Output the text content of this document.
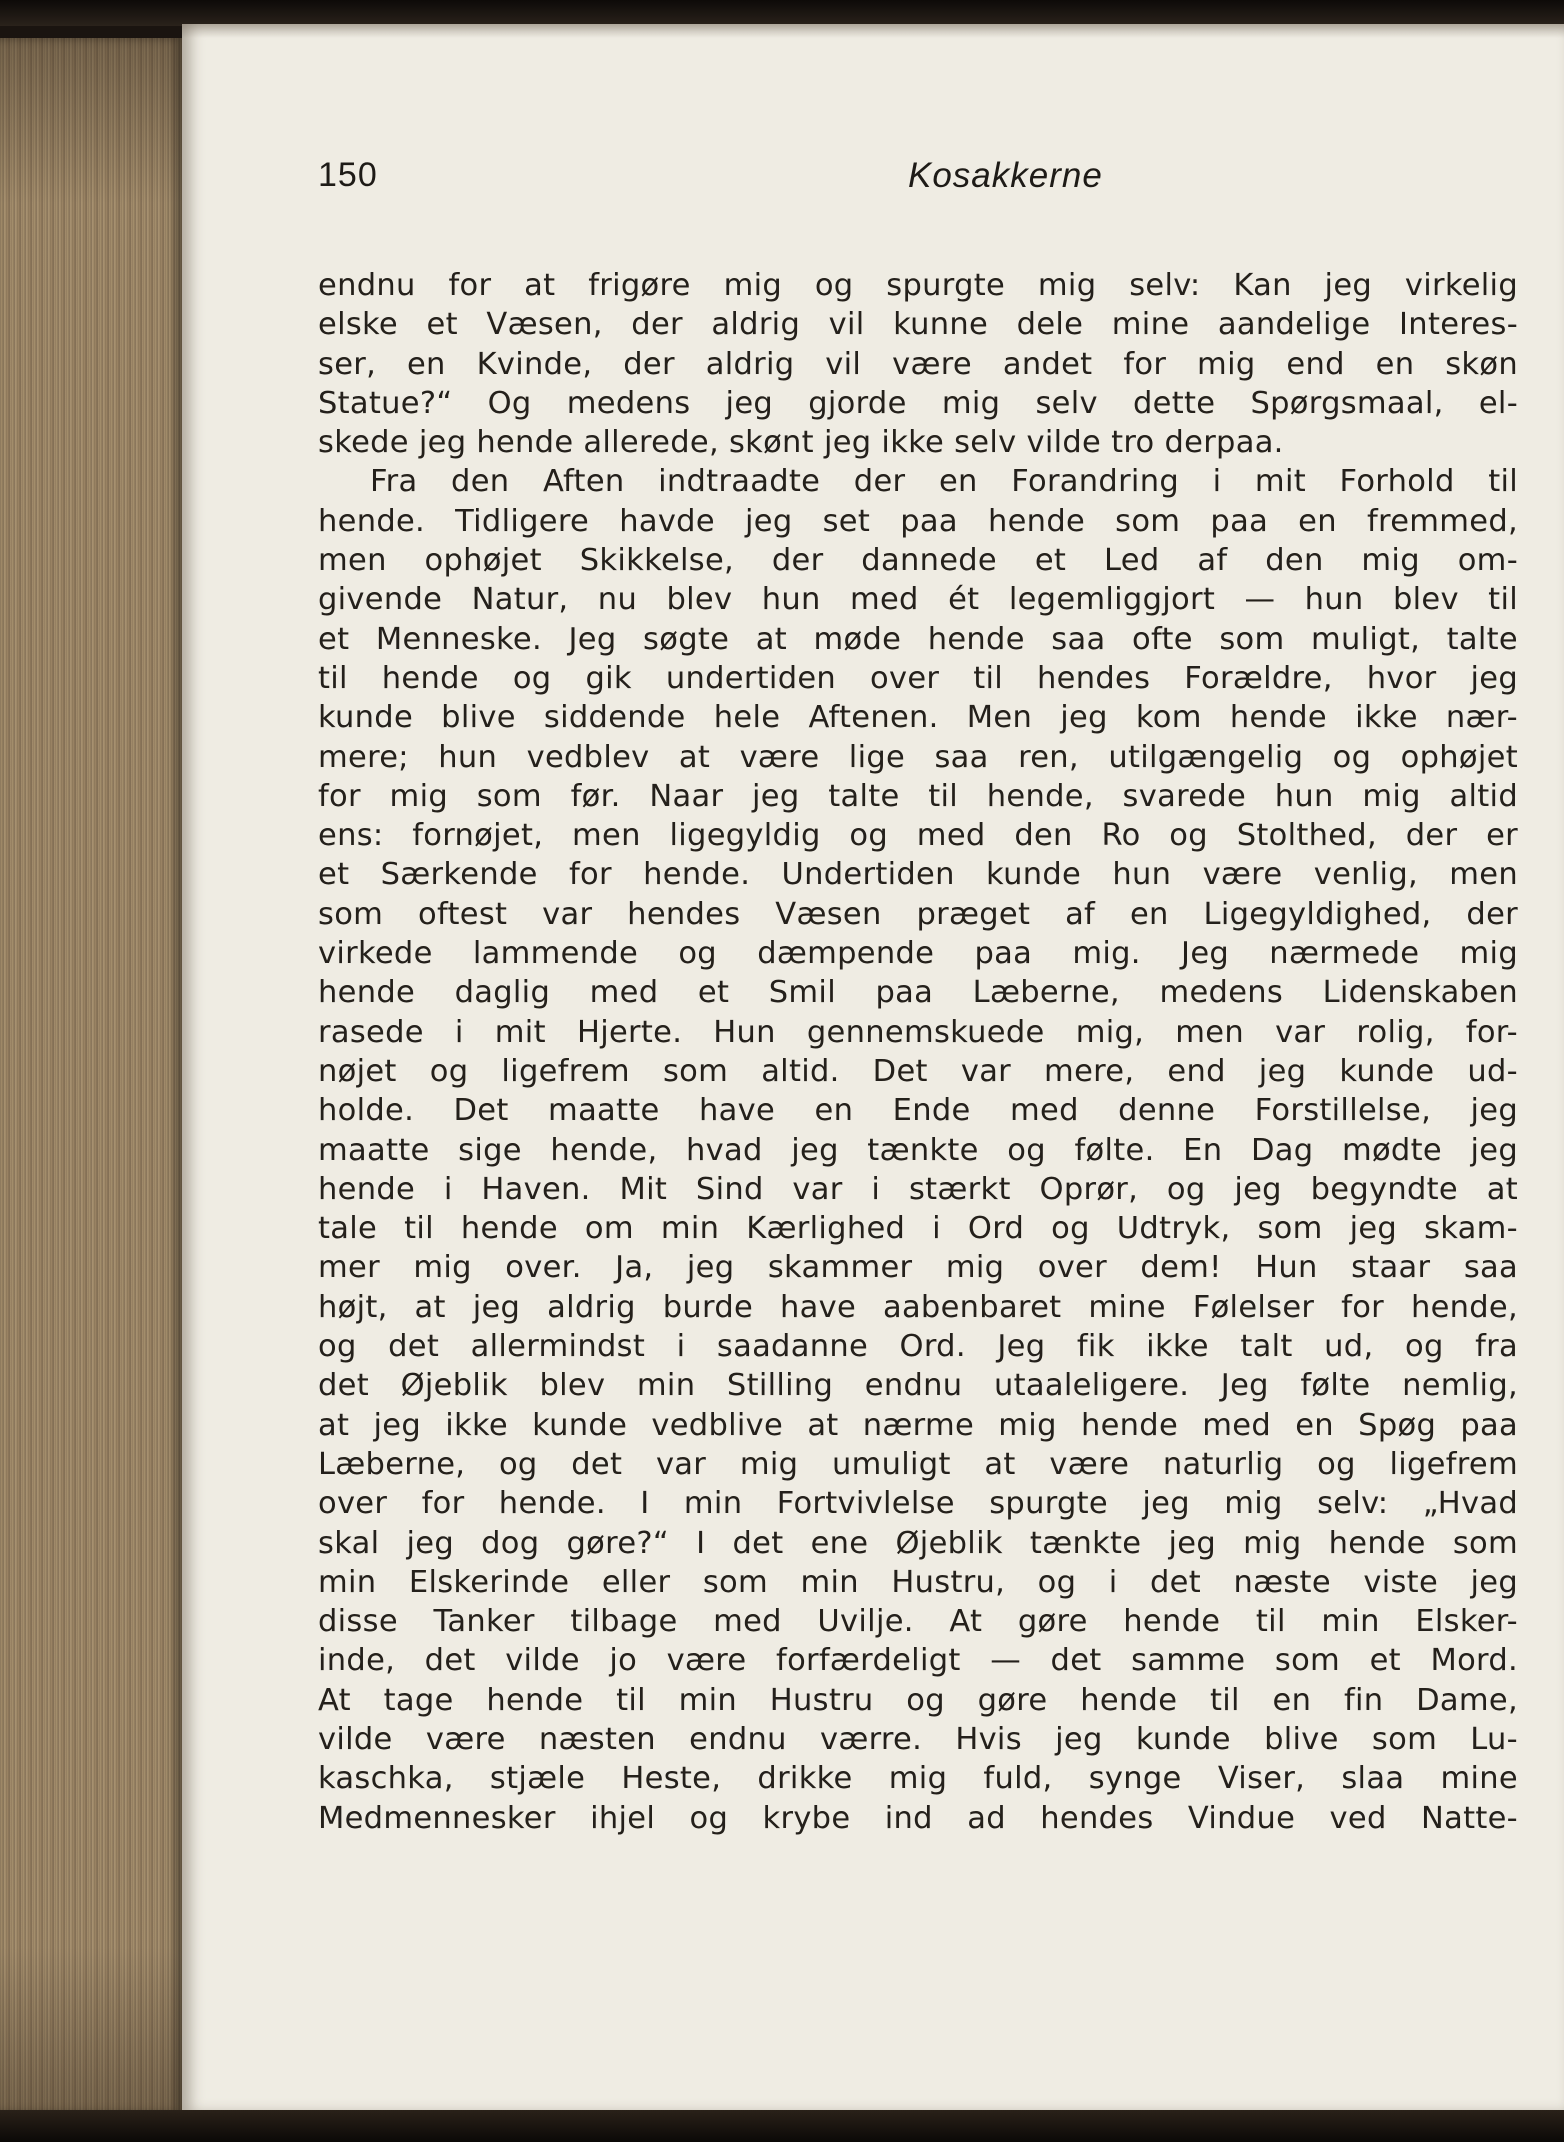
150	Kosakkerne
endnu for at frigøre mig og spurgte mig selv: Kan jeg virkelig
elske et Væsen, der aldrig vil kunne dele mine aandelige Interes-
ser, en Kvinde, der aldrig vil være andet for mig end en skøn
Statue?“ Og medens jeg gjorde mig selv dette Spørgsmaal, el-
skede jeg hende allerede, skønt jeg ikke selv vilde tro derpaa.
Fra den Aften indtraadte der en Forandring i mit Forhold til
hende. Tidligere havde jeg set paa hende som paa en fremmed,
men ophøjet Skikkelse, der dannede et Led af den mig om-
givende Natur, nu blev hun med ét legemliggjort — hun blev til
et Menneske. Jeg søgte at møde hende saa ofte som muligt, talte
til hende og gik undertiden over til hendes Forældre, hvor jeg
kunde blive siddende hele Aftenen. Men jeg kom hende ikke nær-
mere; hun vedblev at være lige saa ren, utilgængelig og ophøjet
for mig som før. Naar jeg talte til hende, svarede hun mig altid
ens: fornøjet, men ligegyldig og med den Ro og Stolthed, der er
et Særkende for hende. Undertiden kunde hun være venlig, men
som oftest var hendes Væsen præget af en Ligegyldighed, der
virkede lammende og dæmpende paa mig. Jeg nærmede mig
hende daglig med et Smil paa Læberne, medens Lidenskaben
rasede i mit Hjerte. Hun gennemskuede mig, men var rolig, for-
nøjet og ligefrem som altid. Det var mere, end jeg kunde ud-
holde. Det maatte have en Ende med denne Forstillelse, jeg
maatte sige hende, hvad jeg tænkte og følte. En Dag mødte jeg
hende i Haven. Mit Sind var i stærkt Oprør, og jeg begyndte at
tale til hende om min Kærlighed i Ord og Udtryk, som jeg skam-
mer mig over. Ja, jeg skammer mig over dem! Hun staar saa
højt, at jeg aldrig burde have aabenbaret mine Følelser for hende,
og det allermindst i saadanne Ord. Jeg fik ikke talt ud, og fra
det Øjeblik blev min Stilling endnu utaaleligere. Jeg følte nemlig,
at jeg ikke kunde vedblive at nærme mig hende med en Spøg paa
Læberne, og det var mig umuligt at være naturlig og ligefrem
over for hende. I min Fortvivlelse spurgte jeg mig selv: „Hvad
skal jeg dog gøre?“ I det ene Øjeblik tænkte jeg mig hende som
min Elskerinde eller som min Hustru, og i det næste viste jeg
disse Tanker tilbage med Uvilje. At gøre hende til min Elsker-
inde, det vilde jo være forfærdeligt — det samme som et Mord.
At tage hende til min Hustru og gøre hende til en fin Dame,
vilde være næsten endnu værre. Hvis jeg kunde blive som Lu-
kaschka, stjæle Heste, drikke mig fuld, synge Viser, slaa mine
Medmennesker ihjel og krybe ind ad hendes Vindue ved Natte-
